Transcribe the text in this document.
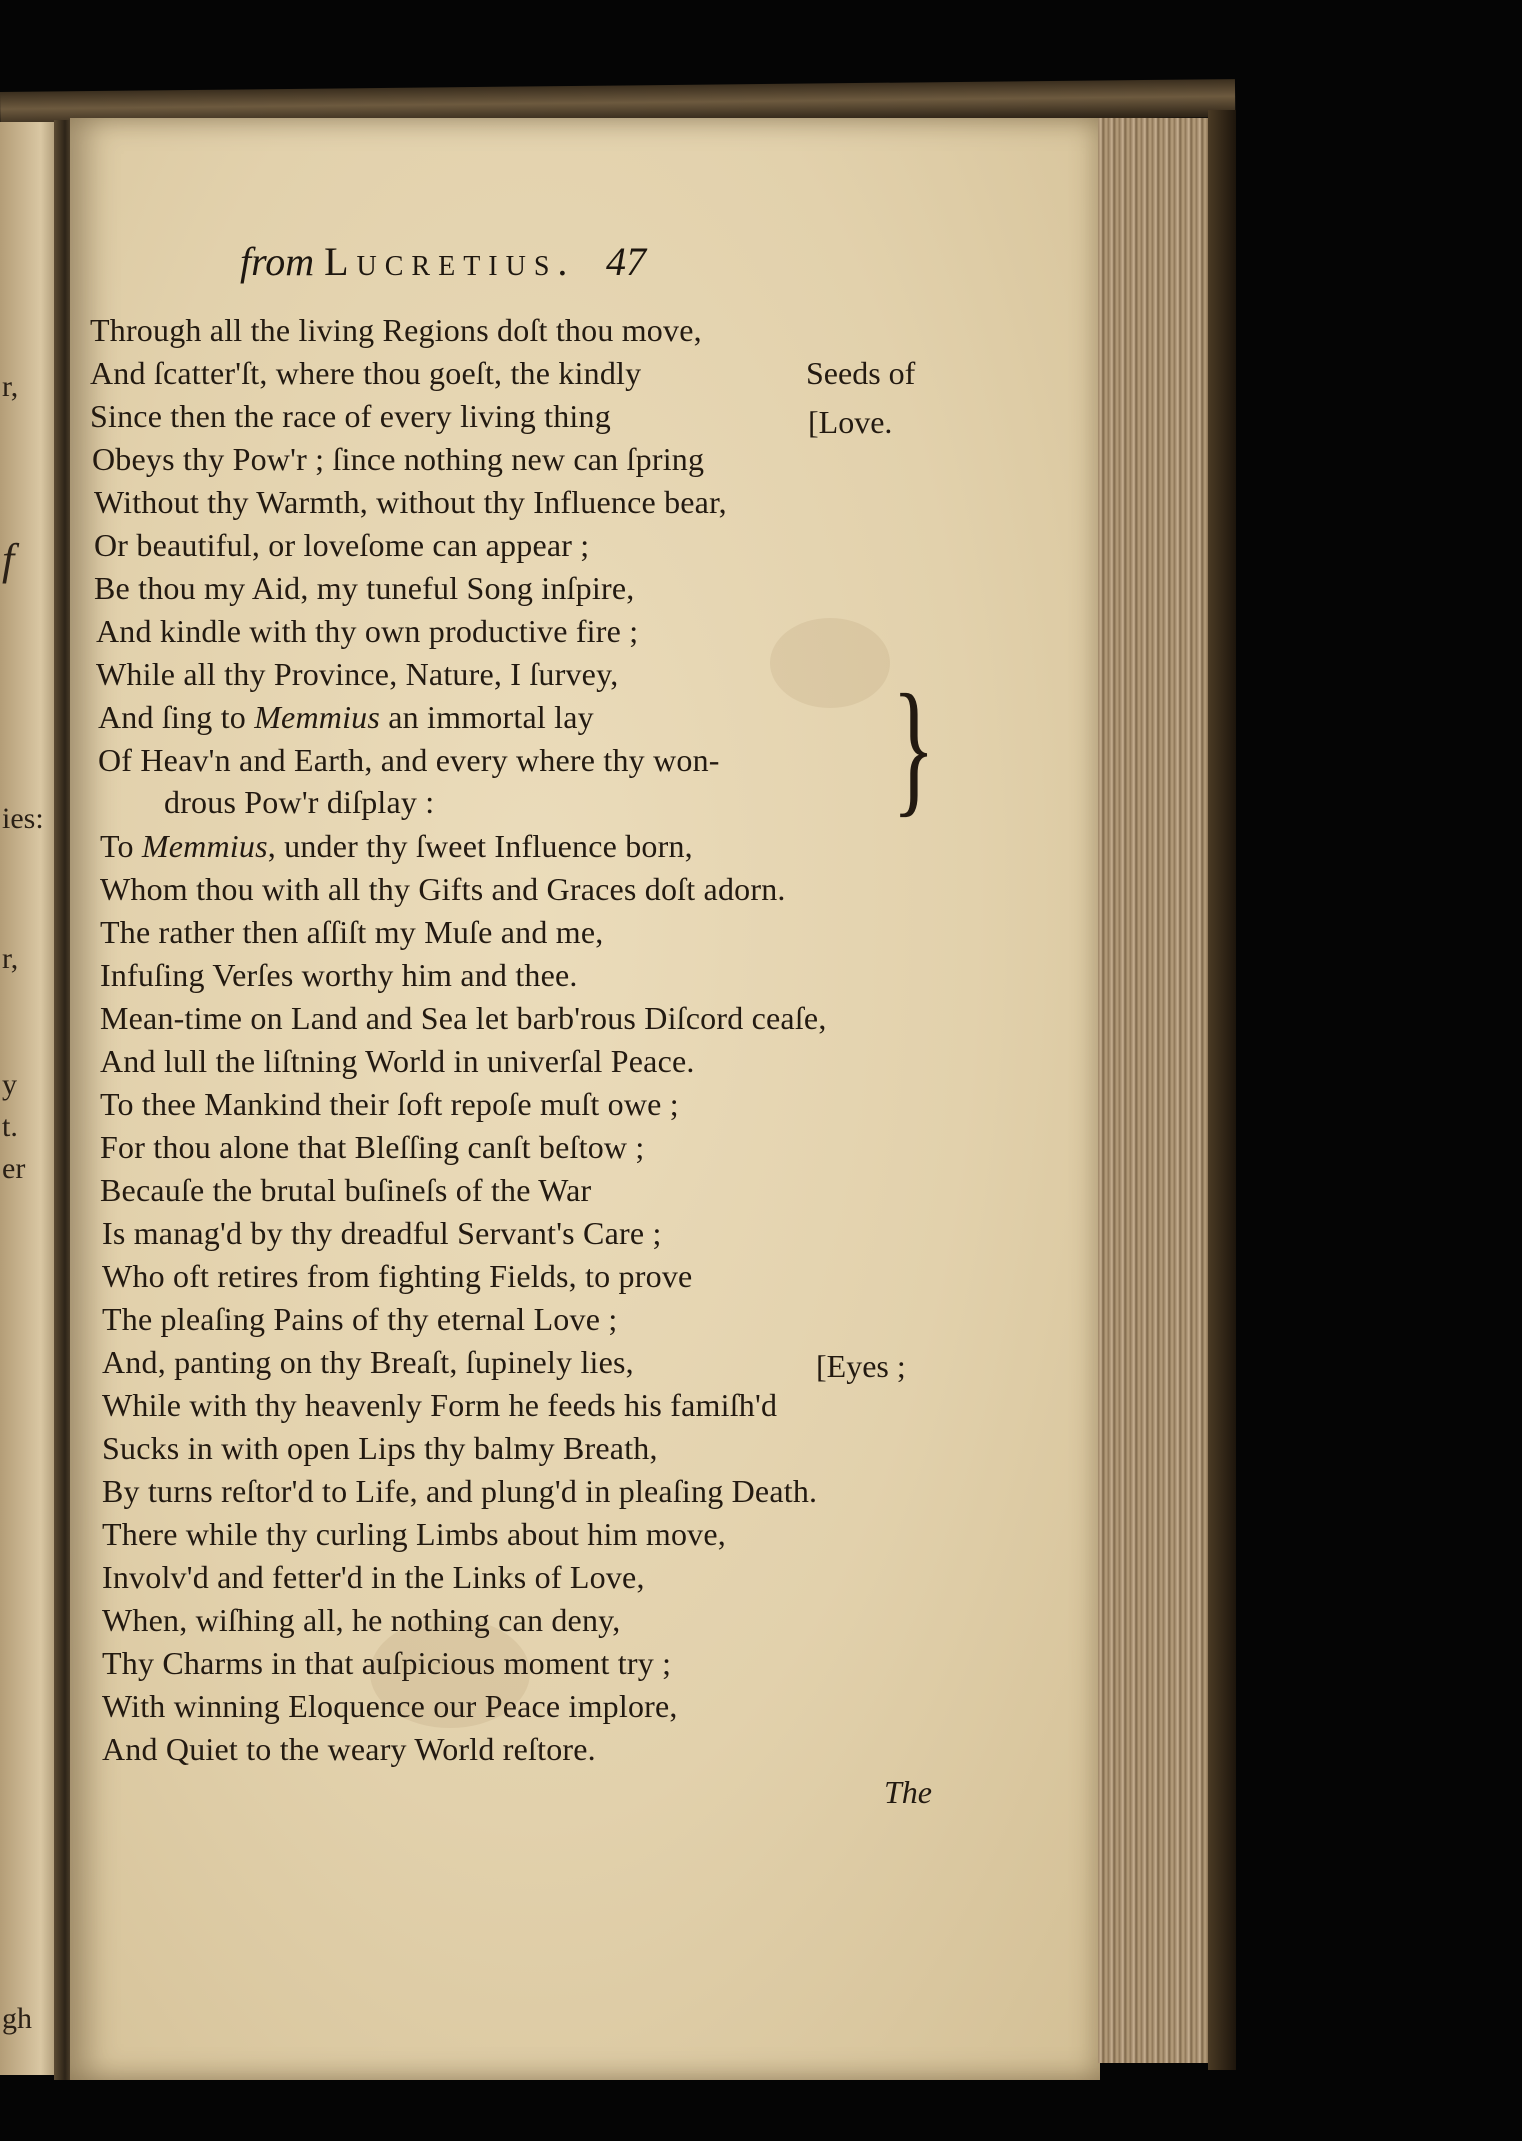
r,
f
ies:
r,
y
t.
er
gh
from Lucretius. 47
Through all the living Regions doſt thou move,
And ſcatter'ſt, where thou goeſt, the kindly	Seeds of
Since then the race of every living thing	[Love.
Obeys thy Pow'r ; ſince nothing new can ſpring
Without thy Warmth, without thy Influence bear,
Or beautiful, or loveſome can appear ;
Be thou my Aid, my tuneful Song inſpire,
And kindle with thy own productive fire ;
While all thy Province, Nature, I ſurvey,
And ſing to Memmius an immortal lay
Of Heav'n and Earth, and every where thy won-
drous Pow'r diſplay :
To Memmius, under thy ſweet Influence born,
Whom thou with all thy Gifts and Graces doſt adorn.
The rather then aſſiſt my Muſe and me,
Infuſing Verſes worthy him and thee.
Mean-time on Land and Sea let barb'rous Diſcord ceaſe,
And lull the liſtning World in univerſal Peace.
To thee Mankind their ſoft repoſe muſt owe ;
For thou alone that Bleſſing canſt beſtow ;
Becauſe the brutal buſineſs of the War
Is manag'd by thy dreadful Servant's Care ;
Who oft retires from fighting Fields, to prove
The pleaſing Pains of thy eternal Love ;
And, panting on thy Breaſt, ſupinely lies,	[Eyes ;
While with thy heavenly Form he feeds his famiſh'd
Sucks in with open Lips thy balmy Breath,
By turns reſtor'd to Life, and plung'd in pleaſing Death.
There while thy curling Limbs about him move,
Involv'd and fetter'd in the Links of Love,
When, wiſhing all, he nothing can deny,
Thy Charms in that auſpicious moment try ;
With winning Eloquence our Peace implore,
And Quiet to the weary World reſtore.
}
The
